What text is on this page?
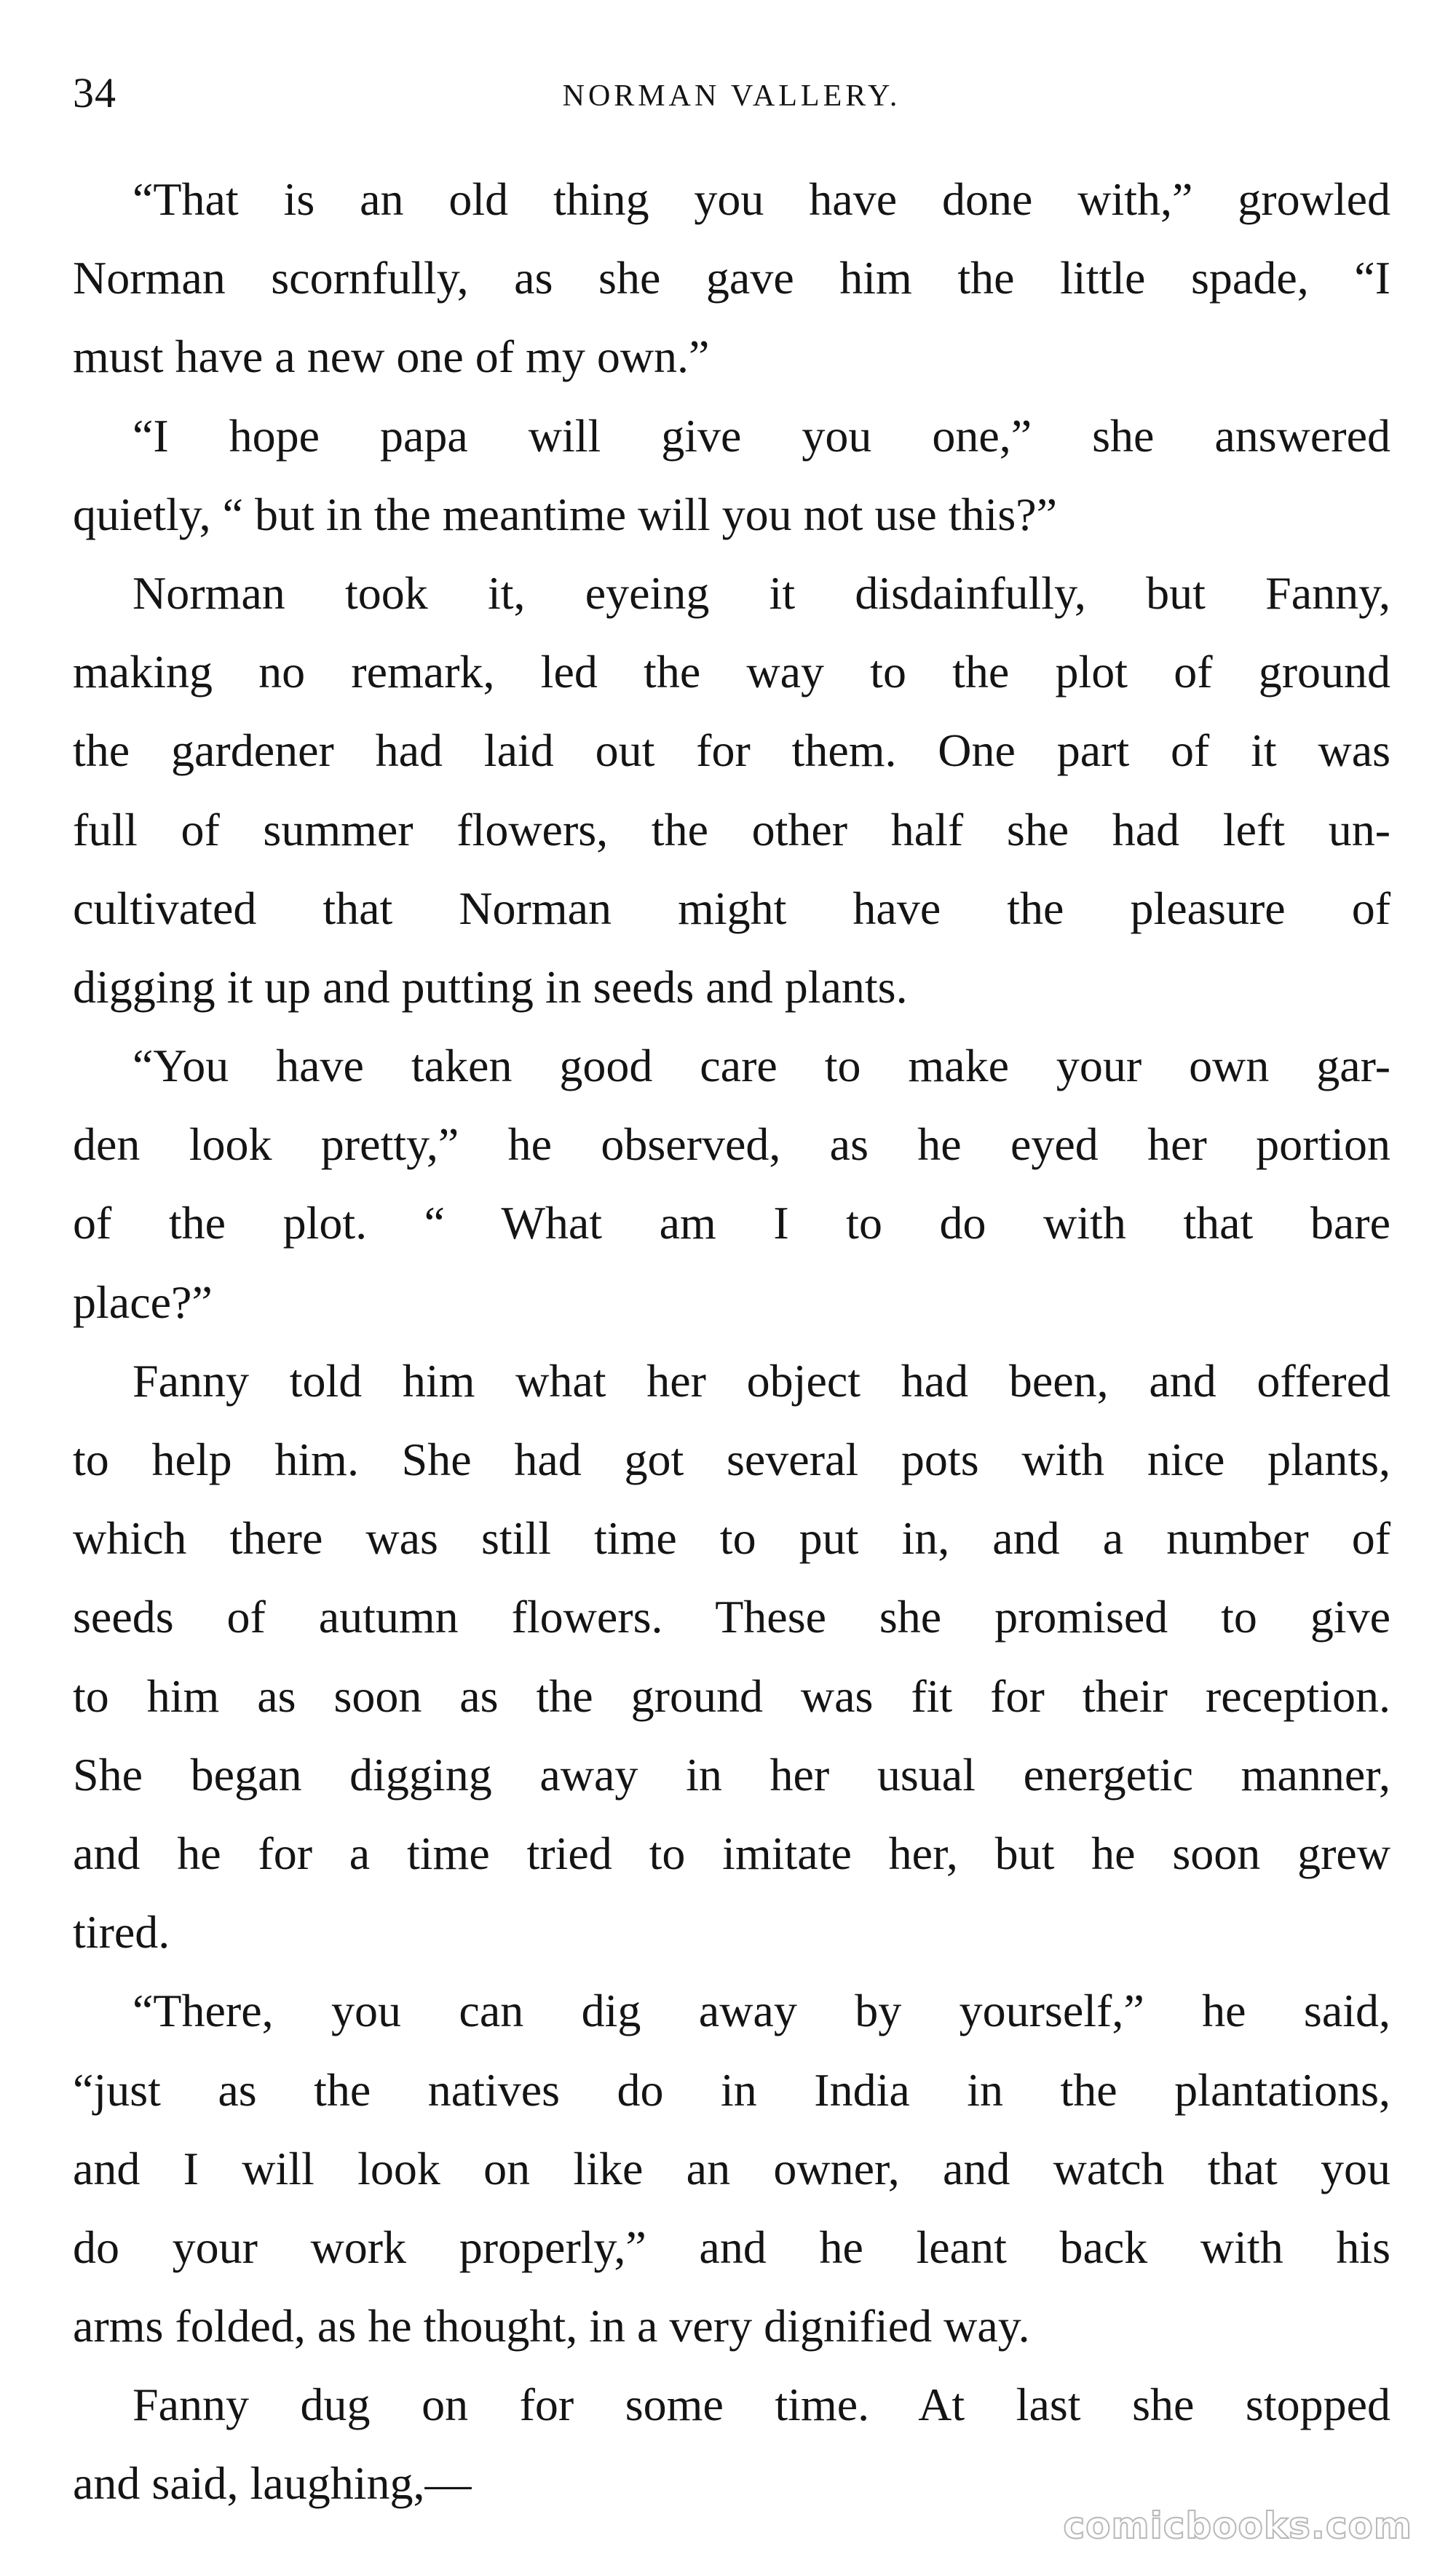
34	NORMAN VALLERY.
“That is an old thing you have done with,” growled
Norman scornfully, as she gave him the little spade, “I
must have a new one of my own.”
“I hope papa will give you one,” she answered
quietly, “ but in the meantime will you not use this?”
Norman took it, eyeing it disdainfully, but Fanny,
making no remark, led the way to the plot of ground
the gardener had laid out for them. One part of it was
full of summer flowers, the other half she had left un-
cultivated that Norman might have the pleasure of
digging it up and putting in seeds and plants.
“You have taken good care to make your own gar-
den look pretty,” he observed, as he eyed her portion
of the plot. “ What am I to do with that bare
place?”
Fanny told him what her object had been, and offered
to help him. She had got several pots with nice plants,
which there was still time to put in, and a number of
seeds of autumn flowers. These she promised to give
to him as soon as the ground was fit for their reception.
She began digging away in her usual energetic manner,
and he for a time tried to imitate her, but he soon grew
tired.
“There, you can dig away by yourself,” he said,
“just as the natives do in India in the plantations,
and I will look on like an owner, and watch that you
do your work properly,” and he leant back with his
arms folded, as he thought, in a very dignified way.
Fanny dug on for some time. At last she stopped
and said, laughing,—
comicbooks.com
